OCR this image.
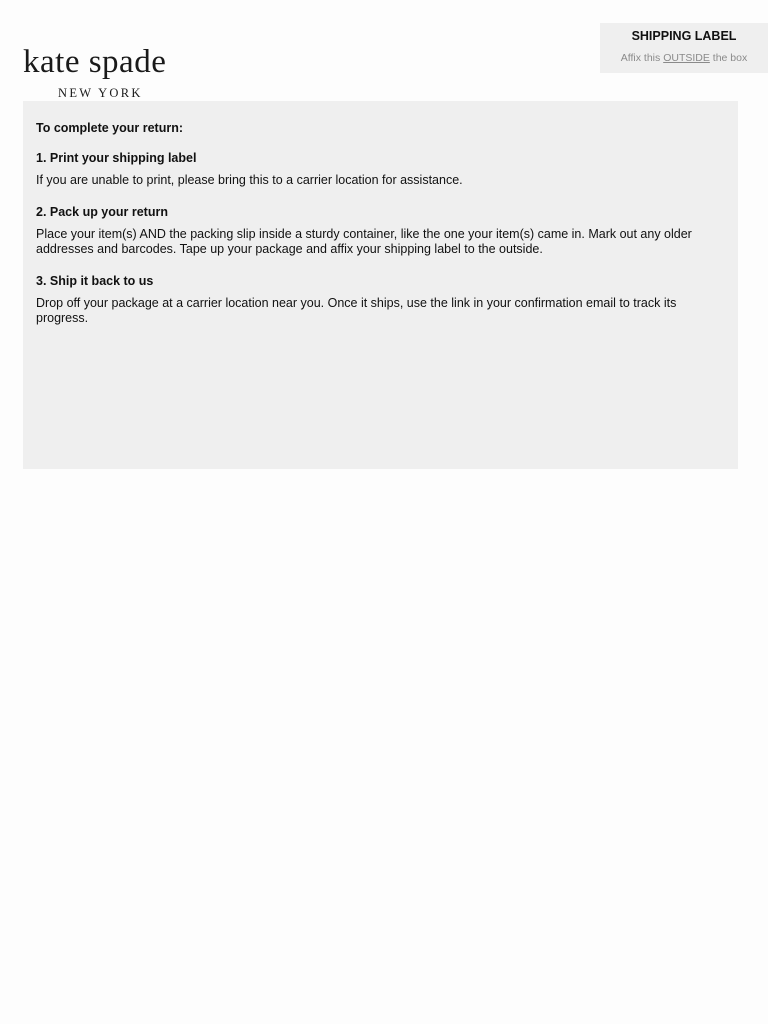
kate spade
NEW YORK
SHIPPING LABEL
Affix this OUTSIDE the box
To complete your return:
1. Print your shipping label
If you are unable to print, please bring this to a carrier location for assistance.
2. Pack up your return
Place your item(s) AND the packing slip inside a sturdy container, like the one your item(s) came in. Mark out any older addresses and barcodes. Tape up your package and affix your shipping label to the outside.
3. Ship it back to us
Drop off your package at a carrier location near you. Once it ships, use the link in your confirmation email to track its progress.
